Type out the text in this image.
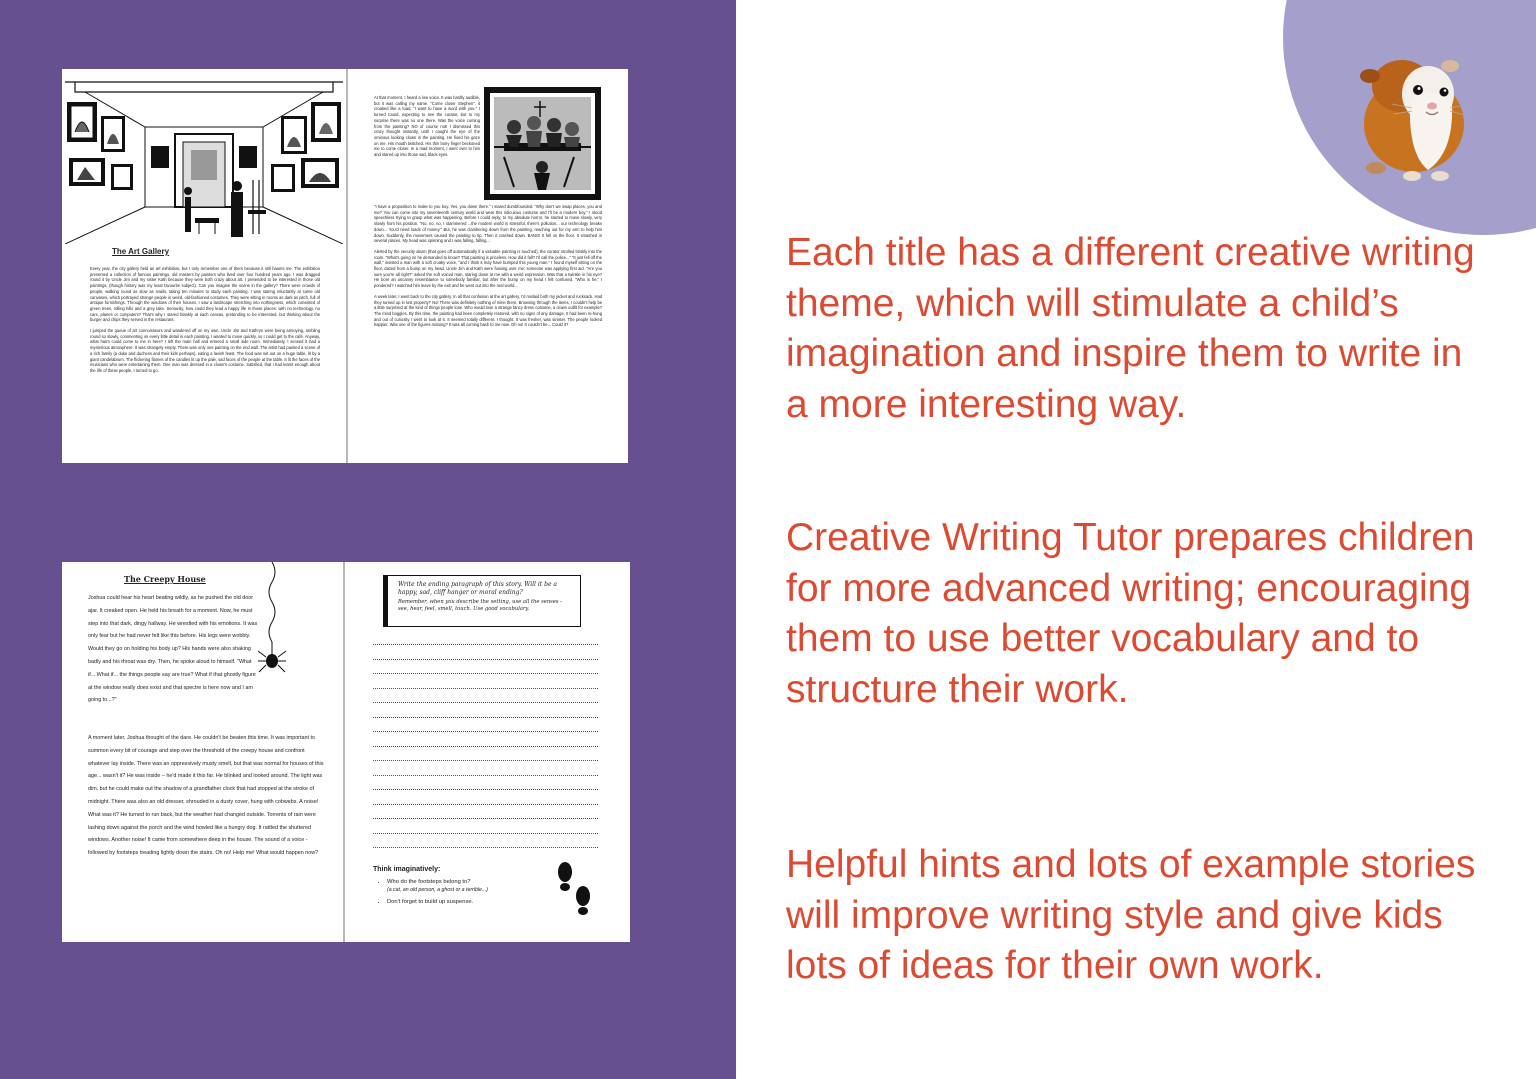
The Art Gallery

Every year, the city gallery held an art exhibition, but I only remember one of them because it still haunts me. The exhibition presented a collection of famous paintings, old masters by painters who lived over four hundred years ago. I was dragged round it by Uncle Jim and my sister Kath because they were both crazy about art. I pretended to be interested in those old paintings, (though history was my least favourite subject). Can you imagine the scene in the gallery? There were crowds of people, walking round as slow as snails, taking ten minutes to study each painting. I was staring reluctantly at some old canvases, which portrayed strange people in weird, old-fashioned costumes. They were sitting in rooms as dark as pitch, full of antique furnishings. Through the windows of their houses, I saw a landscape stretching into nothingness, which consisted of green trees, rolling hills and a grey lake. Seriously, how could they lead a happy life in those places: with no technology, no cars, planes or computers? That's why I stared blankly at each canvas, pretending to be interested, but thinking about the burger and chips they served in the restaurant.

I jumped the queue of art connoisseurs and wandered off on my own. Uncle Jim and Kathryn were being annoying, ambling round so slowly, commenting on every little detail in each painting. I wanted to move quickly, so I could get to the café. Anyway, what harm could come to me in here? I left the main hall and entered a small side room. Immediately, I sensed it had a mysterious atmosphere. It was strangely empty. There was only one painting on the end wall. The artist had painted a scene of a rich family (a duke and duchess and their kids perhaps), eating a lavish feast. The food was set out on a huge table, lit by a giant candelabrum. The flickering flames of the candles lit up the pale, sad faces of the people at the table. It lit the faces of the musicians who were entertaining them. One man was dressed in a clown's costume. Satisfied, that I had learnt enough about the life of these people, I turned to go.

At that moment, I heard a low voice. It was hardly audible, but it was calling my name. "Come closer Stephen", it croaked like a toad. "I want to have a word with you." I turned round, expecting to see the curator, but to my surprise there was no one there. Was the voice coming from the painting? NO of course not! I dismissed this crazy thought instantly, until I caught the eye of the ominous looking clown in the painting. He fixed his gaze on me. His mouth twitched. His thin bony finger beckoned me to come closer. In a mad moment, I went over to him and stared up into those sad, black eyes.

"I have a proposition to make to you boy. Yes, you down there." I stared dumbfounded. "Why don't we swap places, you and me? You can come into my seventeenth century world and wear this ridiculous costume and I'll be a modern boy." I stood speechless trying to grasp what was happening. Before I could reply, to my absolute horror, he started to move slowly, very slowly from his position. "No, no, no, I stammered ...the modern world is stressful, there's pollution... our technology breaks down... You'd need loads of money." But, he was clambering down from the painting, reaching out for my arm to help him down. Suddenly, the movement caused the painting to tip. Then it crashed down. BANG! It fell on the floor. It smashed in several places. My head was spinning and I was falling, falling...

Alerted by the security alarm (that goes off automatically if a valuable painting is touched), the curator strolled briskly into the room. "What's going on he demanded to know? That painting is priceless. How did it fall? I'll call the police..." "It just fell off the wall," insisted a man with a soft croaky voice, "and I think it may have bumped this young man." I found myself sitting on the floor, dazed from a bump on my head. Uncle Jim and Kath were fussing over me; someone was applying first aid. "Are you sure you're all right?" asked the soft voiced man, staring down at me with a weird expression. Was that a twinkle in his eye? He bore an uncanny resemblance to somebody familiar, but after the bump on my head I felt confused. "Who is he," I pondered? I watched him leave by the exit and he went out into the real world...

A week later, I went back to the city gallery. In all that confusion at the art gallery, I'd mislaid both my jacket and rucksack. Had they turned up in lost property? No! There was definitely nothing of mine there. Browsing through the items, I couldn't help be a little surprised at the kind of things people lose. Who would lose a strange fancy dress costume, a clown outfit for example? The mind boggles. By this time, the painting had been completely restored, with no signs of any damage. It had been re-hung and out of curiosity I went to look at it. It seemed totally different. I thought. It was fresher, was sinister. The people looked happier. Was one of the figures missing? It was all coming back to me now. Oh no! It couldn't be... Could it?

The Creepy House

Joshua could hear his heart beating wildly, as he pushed the old door ajar. It creaked open. He held his breath for a moment. Now, he must step into that dark, dingy hallway. He wrestled with his emotions. It was only fear but he had never felt like this before. His legs were wobbly. Would they go on holding his body up? His hands were also shaking badly and his throat was dry. Then, he spoke aloud to himself. "What if... What if... the things people say are true? What if that ghostly figure at the window really does exist and that spectre is here now and I am going to...?"

A moment later, Joshua thought of the dare. He couldn't be beaten this time. It was important to summon every bit of courage and step over the threshold of the creepy house and confront whatever lay inside. There was an oppressively musty smell, but that was normal for houses of this age... wasn't it? He was inside – he'd made it this far. He blinked and looked around. The light was dim, but he could make out the shadow of a grandfather clock that had stopped at the stroke of midnight. There was also an old dresser, shrouded in a dusty cover, hung with cobwebs. A noise! What was it? He turned to run back, but the weather had changed outside. Torrents of rain were lashing down against the porch and the wind howled like a hungry dog. It rattled the shuttered windows. Another noise! It came from somewhere deep in the house. The sound of a voice - followed by footsteps treading lightly down the stairs. Oh no! Help me! What would happen now?

Write the ending paragraph of this story. Will it be a happy, sad, cliff hanger or moral ending?

Remember, when you describe the setting, use all the senses - see, hear, feel, smell, touch. Use good vocabulary.

Think imaginatively:

• Who do the footsteps belong to?
(a cat, an old person, a ghost or a terrible...)
• Don't forget to build up suspense.

Each title has a different creative writing theme, which will stimulate a child’s imagination and inspire them to write in a more interesting way.

Creative Writing Tutor prepares children for more advanced writing; encouraging them to use better vocabulary and to structure their work.

Helpful hints and lots of example stories will improve writing style and give kids lots of ideas for their own work.
